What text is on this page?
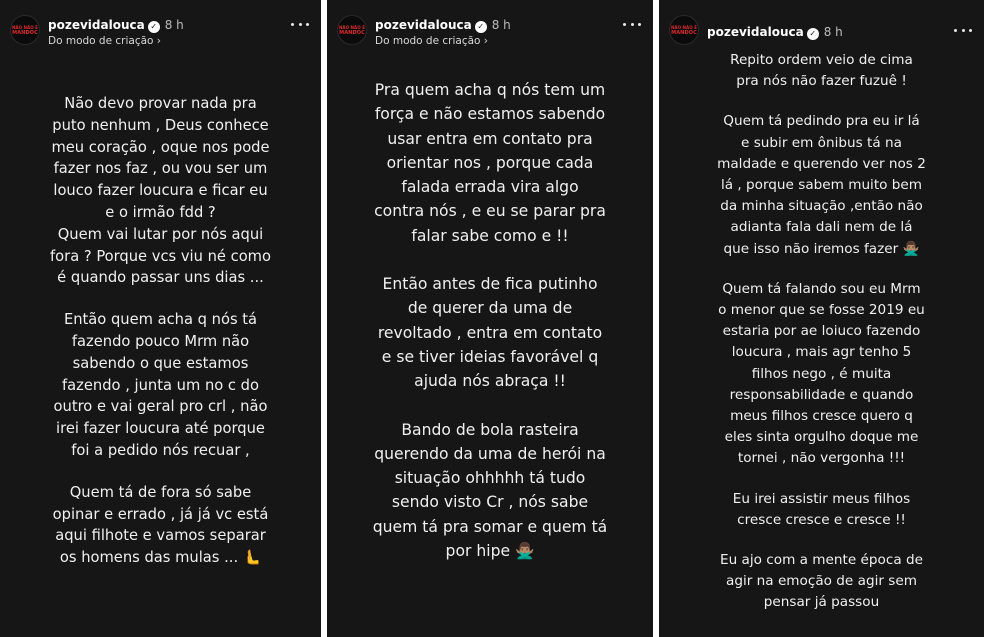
NÃO NÃO É
MANDOC
pozevidalouca ✓ 8 h
Do modo de criação ›
Não devo provar nada pra
puto nenhum , Deus conhece
meu coração , oque nos pode
fazer nos faz , ou vou ser um
louco fazer loucura e ficar eu
e o irmão fdd ?
Quem vai lutar por nós aqui
fora ? Porque vcs viu né como
é quando passar uns dias ...
Então quem acha q nós tá
fazendo pouco Mrm não
sabendo o que estamos
fazendo , junta um no c do
outro e vai geral pro crl , não
irei fazer loucura até porque
foi a pedido nós recuar ,
Quem tá de fora só sabe
opinar e errado , já já vc está
aqui filhote e vamos separar
os homens das mulas ... 🫷
NÃO NÃO É
MANDOC
pozevidalouca ✓ 8 h
Do modo de criação ›
Pra quem acha q nós tem um
força e não estamos sabendo
usar entra em contato pra
orientar nos , porque cada
falada errada vira algo
contra nós , e eu se parar pra
falar sabe como e !!
Então antes de fica putinho
de querer da uma de
revoltado , entra em contato
e se tiver ideias favorável q
ajuda nós abraça !!
Bando de bola rasteira
querendo da uma de herói na
situação ohhhhh tá tudo
sendo visto Cr , nós sabe
quem tá pra somar e quem tá
por hipe 🙅🏽‍♂️
NÃO NÃO É
MANDOC pozevidalouca ✓ 8 h
Repito ordem veio de cima
pra nós não fazer fuzuê !
Quem tá pedindo pra eu ir lá
e subir em ônibus tá na
maldade e querendo ver nos 2
lá , porque sabem muito bem
da minha situação ,então não
adianta fala dali nem de lá
que isso não iremos fazer 🙅🏽‍♂️
Quem tá falando sou eu Mrm
o menor que se fosse 2019 eu
estaria por ae loiuco fazendo
loucura , mais agr tenho 5
filhos nego , é muita
responsabilidade e quando
meus filhos cresce quero q
eles sinta orgulho doque me
tornei , não vergonha !!!
Eu irei assistir meus filhos
cresce cresce e cresce !!
Eu ajo com a mente época de
agir na emoção de agir sem
pensar já passou
